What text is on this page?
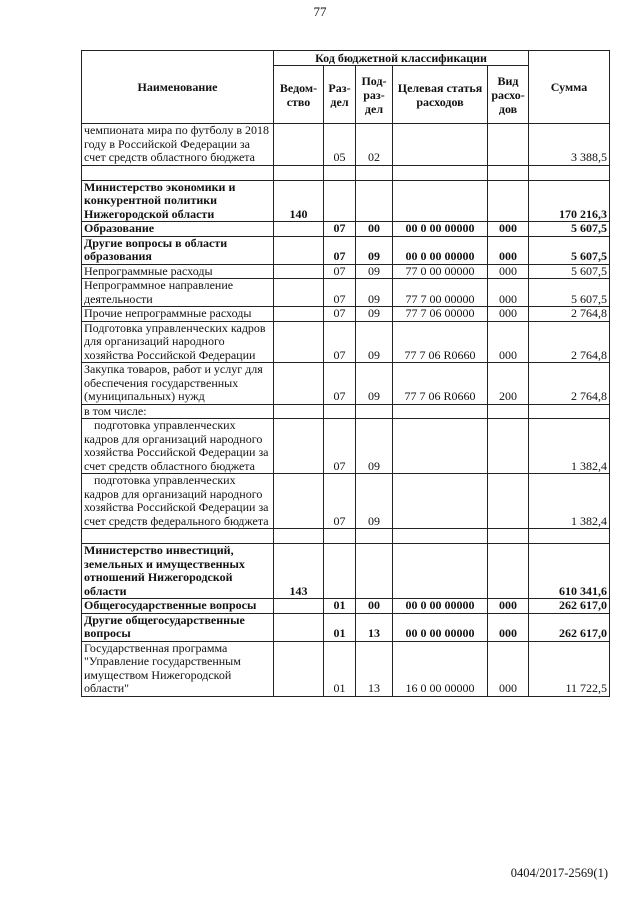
77
Наименование	Код бюджетной классификации					Сумма
	Ведом-ство	Раз-дел	Под-раз-дел	Целевая статья расходов	Вид расхо-дов	
чемпионата мира по футболу в 2018 году в Российской Федерации за счет средств областного бюджета		05	02			3 388,5

Министерство экономики и конкурентной политики Нижегородской области	140					170 216,3
Образование		07	00	00 0 00 00000	000	5 607,5
Другие вопросы в области образования		07	09	00 0 00 00000	000	5 607,5
Непрограммные расходы		07	09	77 0 00 00000	000	5 607,5
Непрограммное направление деятельности		07	09	77 7 00 00000	000	5 607,5
Прочие непрограммные расходы		07	09	77 7 06 00000	000	2 764,8
Подготовка управленческих кадров для организаций народного хозяйства Российской Федерации		07	09	77 7 06 R0660	000	2 764,8
Закупка товаров, работ и услуг для обеспечения государственных (муниципальных) нужд		07	09	77 7 06 R0660	200	2 764,8
в том числе:						

подготовка управленческих кадров для организаций народного хозяйства Российской Федерации за счет средств областного бюджета		07	09			1 382,4

подготовка управленческих кадров для организаций народного хозяйства Российской Федерации за счет средств федерального бюджета		07	09			1 382,4

Министерство инвестиций, земельных и имущественных отношений Нижегородской области	143					610 341,6
Общегосударственные вопросы		01	00	00 0 00 00000	000	262 617,0
Другие общегосударственные вопросы		01	13	00 0 00 00000	000	262 617,0
Государственная программа "Управление государственным имуществом Нижегородской области"		01	13	16 0 00 00000	000	11 722,5
0404/2017-2569(1)
